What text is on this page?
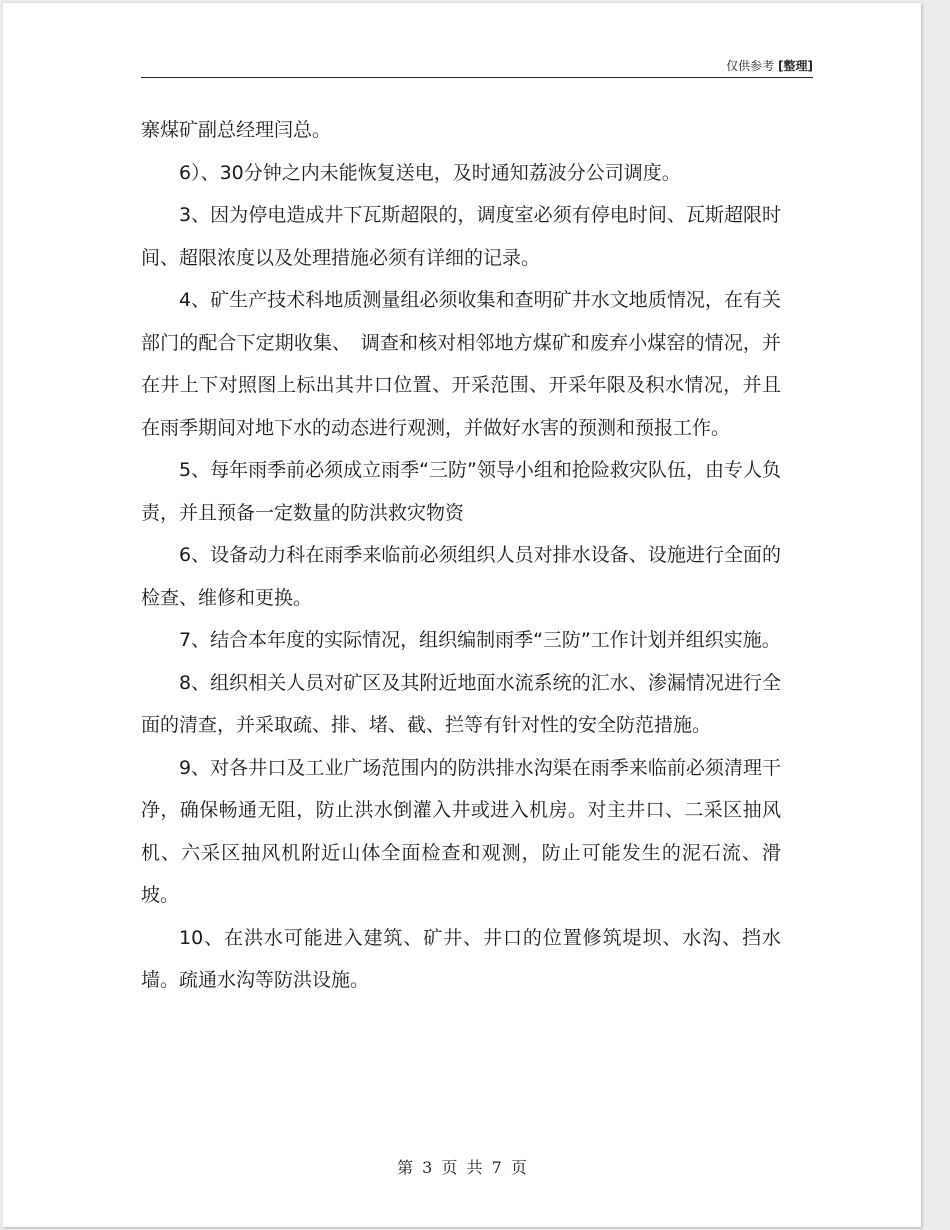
仅供参考 [整理]

寨煤矿副总经理闫总。

6）、30分钟之内未能恢复送电，及时通知荔波分公司调度。

3、因为停电造成井下瓦斯超限的，调度室必须有停电时间、瓦斯超限时间、超限浓度以及处理措施必须有详细的记录。

4、矿生产技术科地质测量组必须收集和查明矿井水文地质情况，在有关部门的配合下定期收集、　调查和核对相邻地方煤矿和废弃小煤窑的情况，并在井上下对照图上标出其井口位置、开采范围、开采年限及积水情况，并且在雨季期间对地下水的动态进行观测，并做好水害的预测和预报工作。

5、每年雨季前必须成立雨季“三防”领导小组和抢险救灾队伍，由专人负责，并且预备一定数量的防洪救灾物资

6、设备动力科在雨季来临前必须组织人员对排水设备、设施进行全面的检查、维修和更换。

7、结合本年度的实际情况，组织编制雨季“三防”工作计划并组织实施。

8、组织相关人员对矿区及其附近地面水流系统的汇水、渗漏情况进行全面的清查，并采取疏、排、堵、截、拦等有针对性的安全防范措施。

9、对各井口及工业广场范围内的防洪排水沟渠在雨季来临前必须清理干净，确保畅通无阻，防止洪水倒灌入井或进入机房。对主井口、二采区抽风机、六采区抽风机附近山体全面检查和观测，防止可能发生的泥石流、滑坡。

10、在洪水可能进入建筑、矿井、井口的位置修筑堤坝、水沟、挡水墙。疏通水沟等防洪设施。

第 3 页 共 7 页
